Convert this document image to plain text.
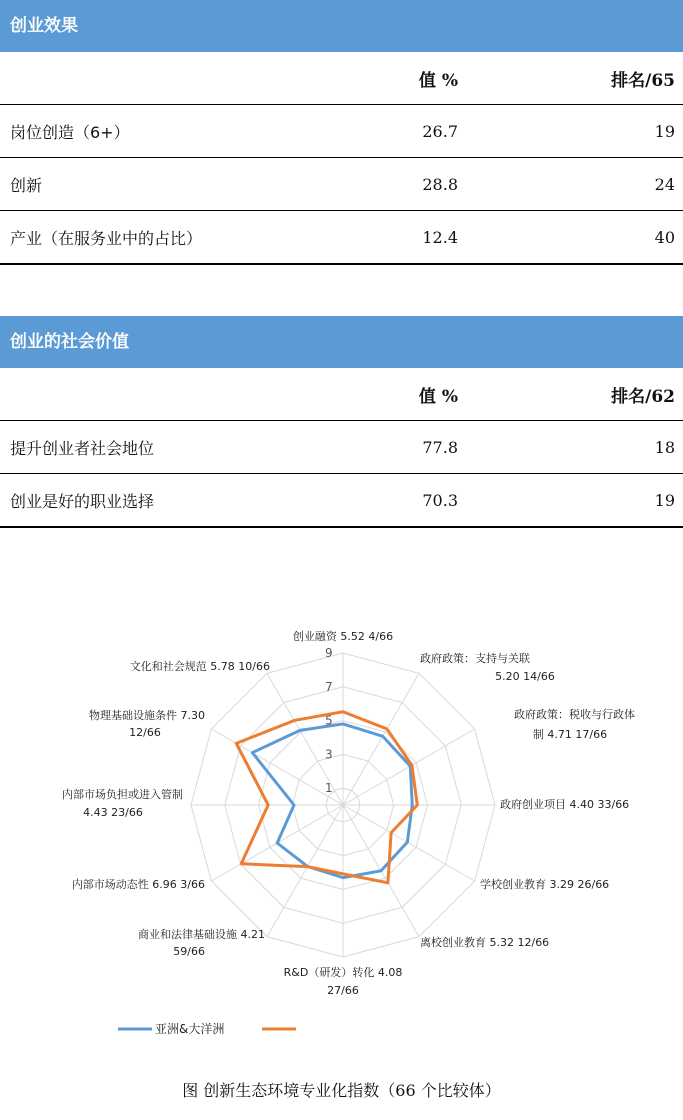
创业效果
	值 %	排名/65
岗位创造（6+）	26.7	19
创新	28.8	24
产业（在服务业中的占比）	12.4	40
创业的社会价值
	值 %	排名/62
提升创业者社会地位	77.8	18
创业是好的职业选择	70.3	19
1
3
5
7
9
创业融资 5.52 4/66
政府政策：支持与关联
5.20 14/66
政府政策：税收与行政体
制 4.71 17/66
政府创业项目 4.40 33/66
学校创业教育 3.29 26/66
离校创业教育 5.32 12/66
R&D（研发）转化 4.08
27/66
商业和法律基础设施 4.21
59/66
内部市场动态性 6.96 3/66
内部市场负担或进入管制
4.43 23/66
物理基础设施条件 7.30
12/66
文化和社会规范 5.78 10/66
亚洲&大洋洲
图 创新生态环境专业化指数（66 个比较体）
